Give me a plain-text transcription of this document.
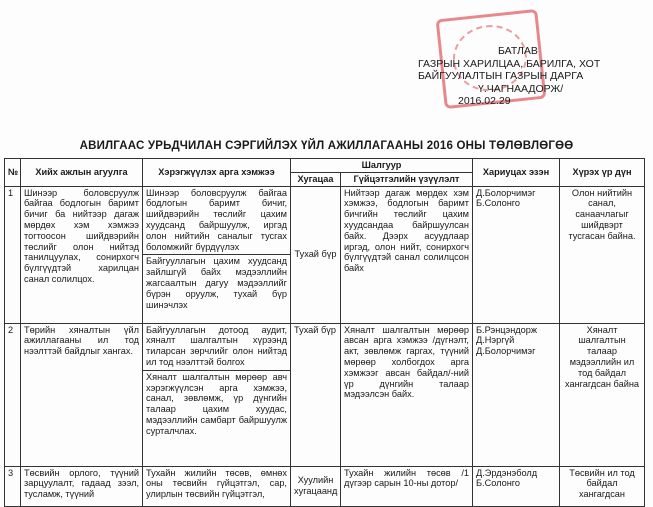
БАТЛАВ
ГАЗРЫН ХАРИЛЦАА, БАРИЛГА, ХОТ
БАЙГУУЛАЛТЫН ГАЗРЫН ДАРГА
Ү.ЧАГНААДОРЖ/
2016.02.29
АВИЛГААС УРЬДЧИЛАН СЭРГИЙЛЭХ ҮЙЛ АЖИЛЛАГААНЫ 2016 ОНЫ ТӨЛӨВЛӨГӨӨ
№	Хийх ажлын агуулга	Хэрэгжүүлэх арга хэмжээ	Шалгуур		Хариуцах эзэн	Хүрэх үр дүн
			Хугацаа	Гүйцэтгэлийн үзүүлэлт		
1	Шинээр боловсруулж байгаа бодлогын баримт бичиг ба нийтээр дагаж мөрдөх хэм хэмжээ тогтоосон шийдвэрийн төслийг олон нийтэд танилцуулах, сонирхогч бүлгүүдтэй харилцан санал солилцох.	Шинээр боловсруулж байгаа бодлогын баримт бичиг, шийдвэрийн төслийг цахим хуудсанд байршуулж, иргэд олон нийтийн саналыг тусгах боломжийг бүрдүүлэх
Байгууллагын цахим хуудсанд зайлшгүй байх мэдээллийн жагсаалтын дагуу мэдээллийг бүрэн оруулж, тухай бүр шинэчлэх	Тухай бүр	Нийтээр дагаж мөрдөх хэм хэмжээ, бодлогын баримт бичгийн төслийг цахим хуудсандаа байршуулсан байх. Дээрх асуудлаар иргэд, олон нийт, сонирхогч бүлгүүдтэй санал солилцсон байх	Д.Болорчимэг Б.Солонго	Олон нийтийн санал, санаачлагыг шийдвэрт тусгасан байна.
2	Төрийн хяналтын үйл ажиллагааны ил тод нээлттэй байдлыг хангах.	Байгууллагын дотоод аудит, хяналт шалгалтын хүрээнд тиларсан зөрчлийг олон нийтэд ил тод нээлттэй болгох
Хяналт шалгалтын мөрөөр авч хэрэгжүүлсэн арга хэмжээ, санал, зөвлөмж, үр дүнгийн талаар цахим хуудас, мэдээллийн самбарт байршуулж сурталчлах.	Тухай бүр	Хяналт шалгалтын мөрөөр авсан арга хэмжээ /дүгнэлт, акт, зөвлөмж гаргах, түүний мөрөөр холбогдох арга хэмжээг авсан байдал/-ний үр дүнгийн талаар мэдээлсэн байх.	Б.Рэнцэндорж Д.Нэргүй Д.Болорчимэг	Хяналт шалгалтын талаар мэдээллийн ил тод байдал хангагдсан байна
3	Төсвийн орлого, түүний зарцуулалт, гадаад зээл, тусламж, түүний	Тухайн жилийн төсөв, өмнөх оны төсвийн гүйцэтгэл, сар, улирлын төсвийн гүйцэтгэл,	Хуулийн хугацаанд	Тухайн жилийн төсөв /1 дүгээр сарын 10-ны дотор/	Д.Эрдэнэболд Б.Солонго	Төсвийн ил тод байдал хангагдсан
